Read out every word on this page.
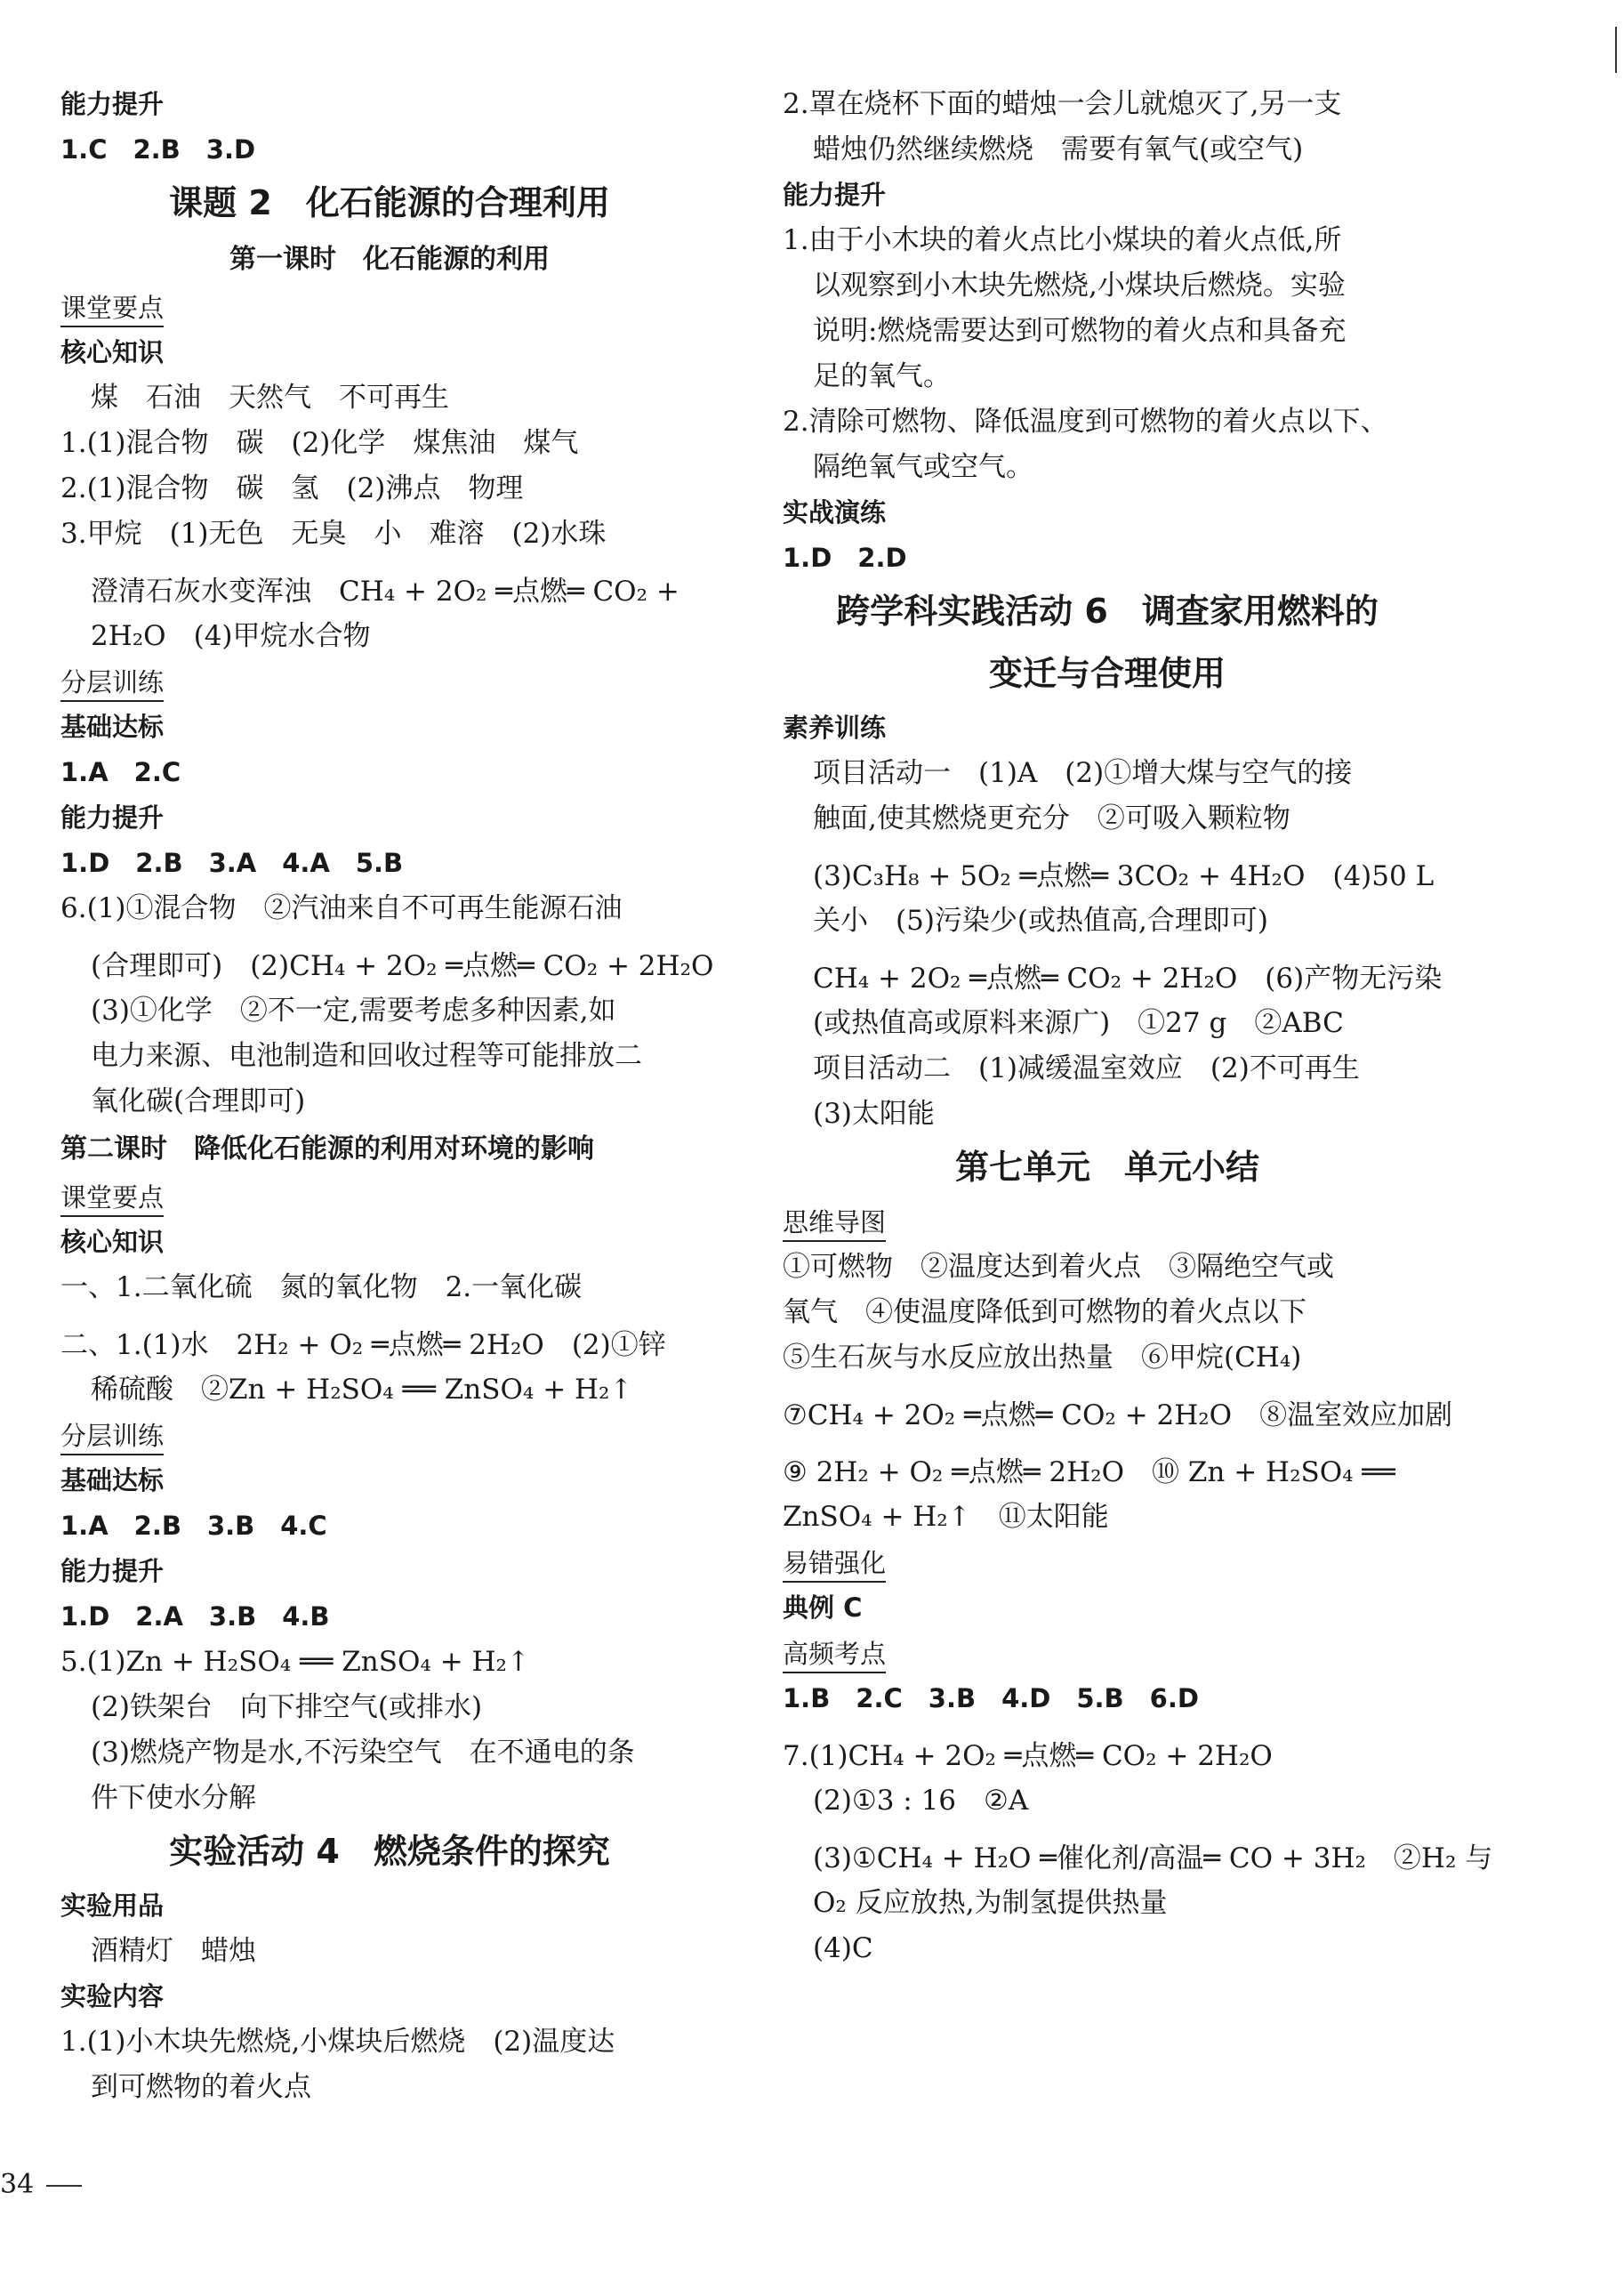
能力提升
1.C　2.B　3.D
课题 2　化石能源的合理利用
第一课时　化石能源的利用
课堂要点
核心知识
煤　石油　天然气　不可再生
1.(1)混合物　碳　(2)化学　煤焦油　煤气
2.(1)混合物　碳　氢　(2)沸点　物理
3.甲烷　(1)无色　无臭　小　难溶　(2)水珠
澄清石灰水变浑浊　CH₄ + 2O₂ ═点燃═ CO₂ +
2H₂O　(4)甲烷水合物
分层训练
基础达标
1.A　2.C
能力提升
1.D　2.B　3.A　4.A　5.B
6.(1)①混合物　②汽油来自不可再生能源石油
(合理即可)　(2)CH₄ + 2O₂ ═点燃═ CO₂ + 2H₂O
(3)①化学　②不一定,需要考虑多种因素,如
电力来源、电池制造和回收过程等可能排放二
氧化碳(合理即可)
第二课时　降低化石能源的利用对环境的影响
课堂要点
核心知识
一、1.二氧化硫　氮的氧化物　2.一氧化碳
二、1.(1)水　2H₂ + O₂ ═点燃═ 2H₂O　(2)①锌
稀硫酸　②Zn + H₂SO₄ ══ ZnSO₄ + H₂↑
分层训练
基础达标
1.A　2.B　3.B　4.C
能力提升
1.D　2.A　3.B　4.B
5.(1)Zn + H₂SO₄ ══ ZnSO₄ + H₂↑
(2)铁架台　向下排空气(或排水)
(3)燃烧产物是水,不污染空气　在不通电的条
件下使水分解
实验活动 4　燃烧条件的探究
实验用品
酒精灯　蜡烛
实验内容
1.(1)小木块先燃烧,小煤块后燃烧　(2)温度达
到可燃物的着火点
2.罩在烧杯下面的蜡烛一会儿就熄灭了,另一支
蜡烛仍然继续燃烧　需要有氧气(或空气)
能力提升
1.由于小木块的着火点比小煤块的着火点低,所
以观察到小木块先燃烧,小煤块后燃烧。实验
说明:燃烧需要达到可燃物的着火点和具备充
足的氧气。
2.清除可燃物、降低温度到可燃物的着火点以下、
隔绝氧气或空气。
实战演练
1.D　2.D
跨学科实践活动 6　调查家用燃料的
变迁与合理使用
素养训练
项目活动一　(1)A　(2)①增大煤与空气的接
触面,使其燃烧更充分　②可吸入颗粒物
(3)C₃H₈ + 5O₂ ═点燃═ 3CO₂ + 4H₂O　(4)50 L
关小　(5)污染少(或热值高,合理即可)
CH₄ + 2O₂ ═点燃═ CO₂ + 2H₂O　(6)产物无污染
(或热值高或原料来源广)　①27 g　②ABC
项目活动二　(1)减缓温室效应　(2)不可再生
(3)太阳能
第七单元　单元小结
思维导图
①可燃物　②温度达到着火点　③隔绝空气或
氧气　④使温度降低到可燃物的着火点以下
⑤生石灰与水反应放出热量　⑥甲烷(CH₄)
⑦CH₄ + 2O₂ ═点燃═ CO₂ + 2H₂O　⑧温室效应加剧
⑨ 2H₂ + O₂ ═点燃═ 2H₂O　⑩ Zn + H₂SO₄ ══
ZnSO₄ + H₂↑　⑪太阳能
易错强化
典例 C
高频考点
1.B　2.C　3.B　4.D　5.B　6.D
7.(1)CH₄ + 2O₂ ═点燃═ CO₂ + 2H₂O
(2)①3 : 16　②A
(3)①CH₄ + H₂O ═催化剂/高温═ CO + 3H₂　②H₂ 与
O₂ 反应放热,为制氢提供热量
(4)C
34
